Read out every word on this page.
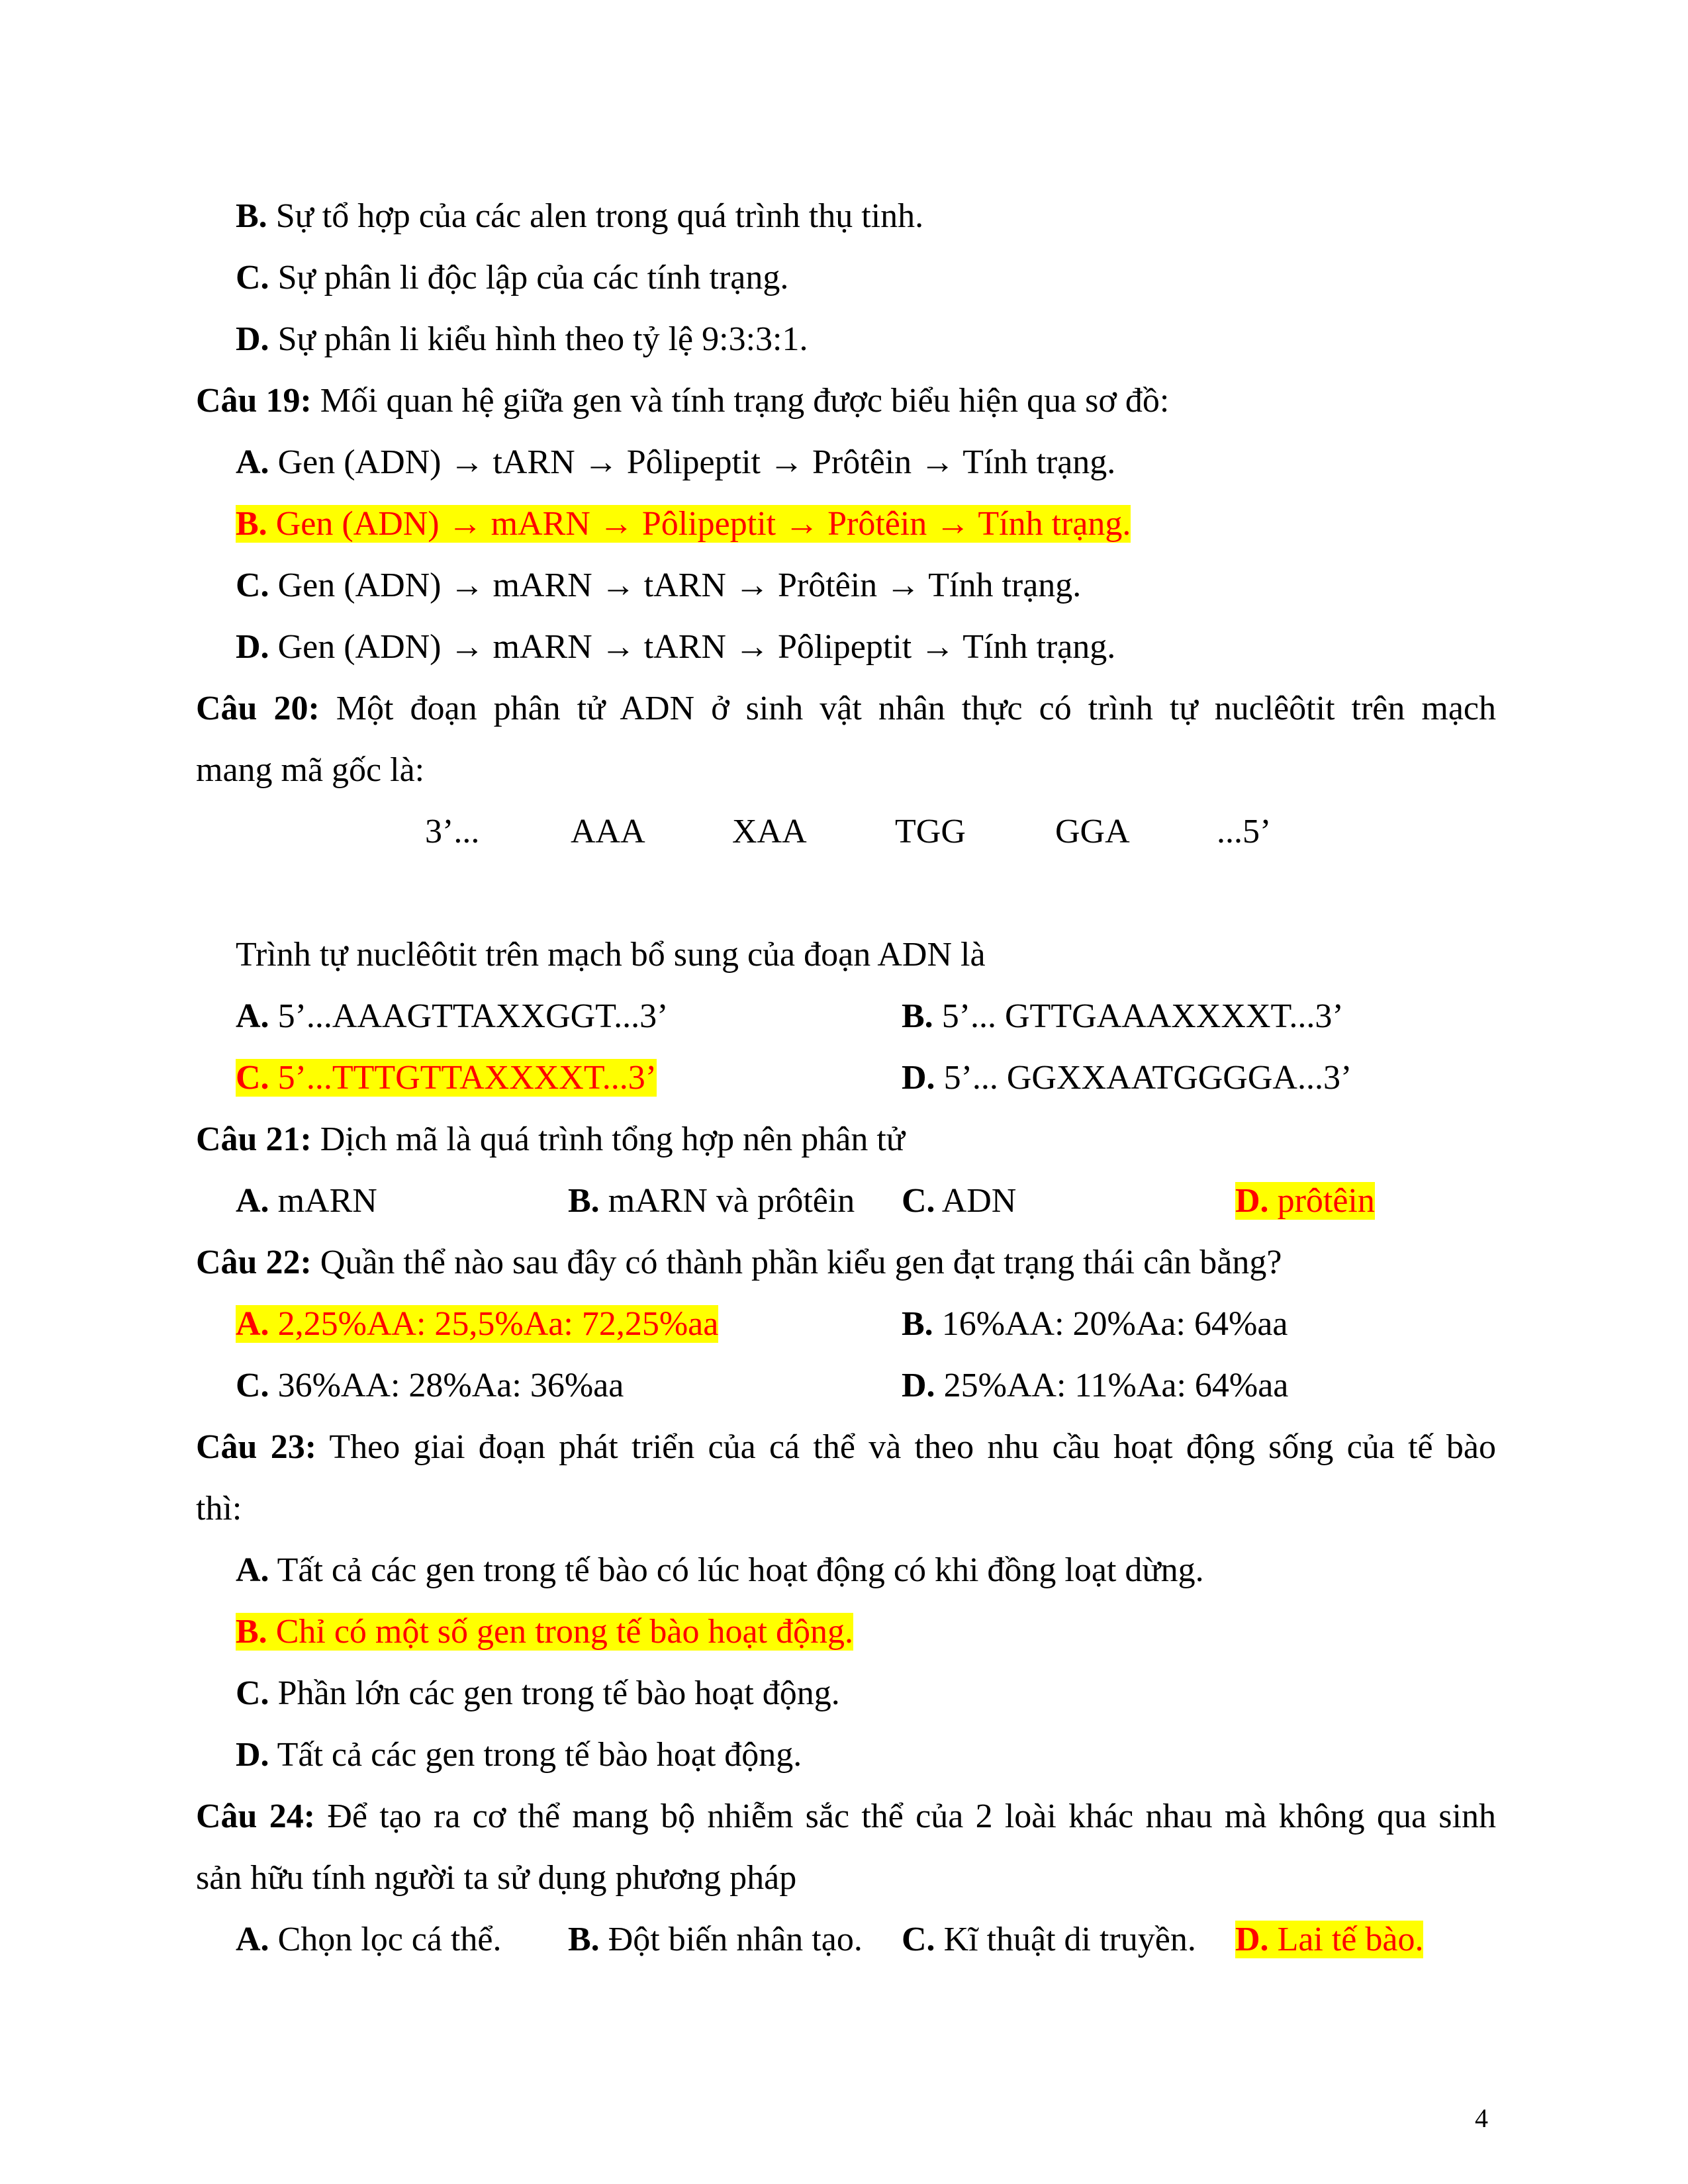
B. Sự tổ hợp của các alen trong quá trình thụ tinh.
C. Sự phân li độc lập của các tính trạng.
D. Sự phân li kiểu hình theo tỷ lệ 9:3:3:1.
Câu 19: Mối quan hệ giữa gen và tính trạng được biểu hiện qua sơ đồ:
A. Gen (ADN) → tARN → Pôlipeptit → Prôtêin → Tính trạng.
B. Gen (ADN) → mARN → Pôlipeptit → Prôtêin → Tính trạng.
C. Gen (ADN) → mARN → tARN → Prôtêin → Tính trạng.
D. Gen (ADN) → mARN → tARN → Pôlipeptit → Tính trạng.
Câu 20: Một đoạn phân tử ADN ở sinh vật nhân thực có trình tự nuclêôtit trên mạch
mang mã gốc là:
3’...	AAA	XAA	TGG	GGA	...5’
Trình tự nuclêôtit trên mạch bổ sung của đoạn ADN là
A. 5’...AAAGTTAXXGGT...3’	B. 5’... GTTGAAAXXXXT...3’
C. 5’...TTTGTTAXXXXT...3’	D. 5’... GGXXAATGGGGA...3’
Câu 21: Dịch mã là quá trình tổng hợp nên phân tử
A. mARN	B. mARN và prôtêin C. ADN	D. prôtêin
Câu 22: Quần thể nào sau đây có thành phần kiểu gen đạt trạng thái cân bằng?
A. 2,25%AA: 25,5%Aa: 72,25%aa	B. 16%AA: 20%Aa: 64%aa
C. 36%AA: 28%Aa: 36%aa	D. 25%AA: 11%Aa: 64%aa
Câu 23: Theo giai đoạn phát triển của cá thể và theo nhu cầu hoạt động sống của tế bào
thì:
A. Tất cả các gen trong tế bào có lúc hoạt động có khi đồng loạt dừng.
B. Chỉ có một số gen trong tế bào hoạt động.
C. Phần lớn các gen trong tế bào hoạt động.
D. Tất cả các gen trong tế bào hoạt động.
Câu 24: Để tạo ra cơ thể mang bộ nhiễm sắc thể của 2 loài khác nhau mà không qua sinh
sản hữu tính người ta sử dụng phương pháp
A. Chọn lọc cá thể. B. Đột biến nhân tạo. C. Kĩ thuật di truyền. D. Lai tế bào.
4
